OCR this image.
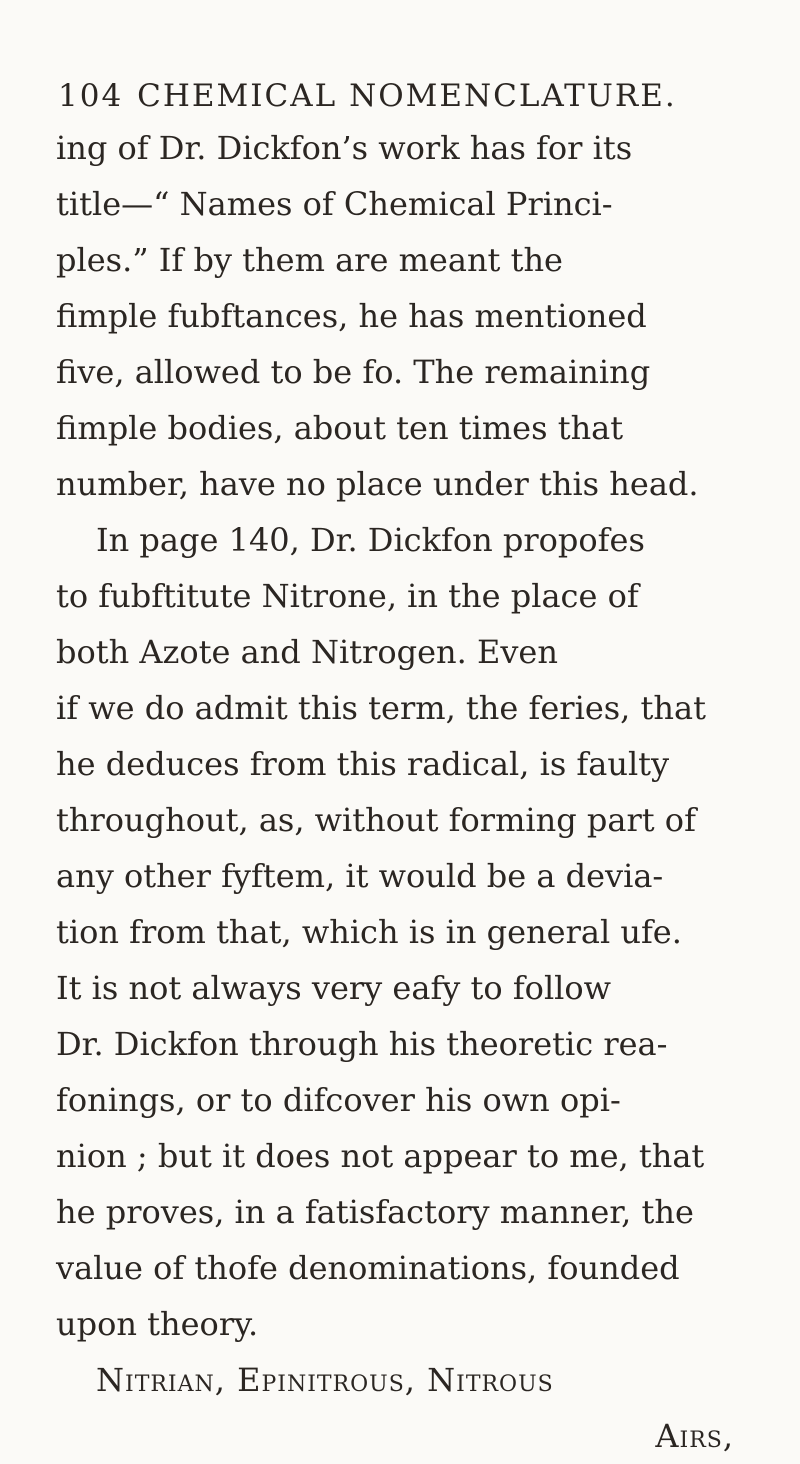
104 CHEMICAL NOMENCLATURE.
ing of Dr. Dickfon’s work has for its
title—“ Names of Chemical Princi-
ples.” If by them are meant the
fimple fubftances, he has mentioned
five, allowed to be fo. The remaining
fimple bodies, about ten times that
number, have no place under this head.
In page 140, Dr. Dickfon propofes
to fubftitute Nitrone, in the place of
both Azote and Nitrogen. Even
if we do admit this term, the feries, that
he deduces from this radical, is faulty
throughout, as, without forming part of
any other fyftem, it would be a devia-
tion from that, which is in general ufe.
It is not always very eafy to follow
Dr. Dickfon through his theoretic rea-
fonings, or to difcover his own opi-
nion ; but it does not appear to me, that
he proves, in a fatisfactory manner, the
value of thofe denominations, founded
upon theory.
Nitrian, Epinitrous, Nitrous
Airs,
